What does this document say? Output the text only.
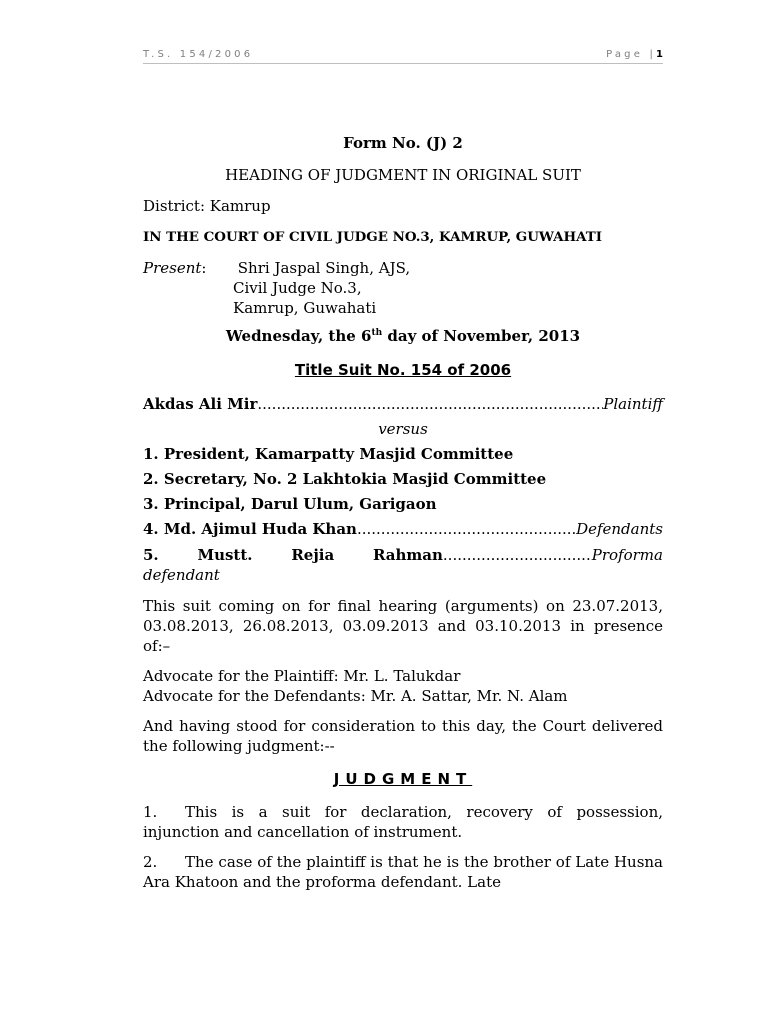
T.S. 154/2006	Page |1
Form No. (J) 2
HEADING OF JUDGMENT IN ORIGINAL SUIT
District: Kamrup
IN THE COURT OF CIVIL JUDGE NO.3, KAMRUP, GUWAHATI
Present: Shri Jaspal Singh, AJS,
Civil Judge No.3,
Kamrup, Guwahati
Wednesday, the 6th day of November, 2013
Title Suit No. 154 of 2006
Akdas Ali Mir .....	Plaintiff
versus
1. President, Kamarpatty Masjid Committee
2. Secretary, No. 2 Lakhtokia Masjid Committee
3. Principal, Darul Ulum, Garigaon
4. Md. Ajimul Huda Khan .....	Defendants
5.	Mustt.	Rejia	Rahman .....	Proforma
defendant
This suit coming on for final hearing (arguments) on 23.07.2013, 03.08.2013, 26.08.2013, 03.09.2013 and 03.10.2013 in presence of:–
Advocate for the Plaintiff: Mr. L. Talukdar
Advocate for the Defendants: Mr. A. Sattar, Mr. N. Alam
And having stood for consideration to this day, the Court delivered the following judgment:--
JUDGMENT
1. This is a suit for declaration, recovery of possession, injunction and cancellation of instrument.
2. The case of the plaintiff is that he is the brother of Late Husna Ara Khatoon and the proforma defendant. Late
